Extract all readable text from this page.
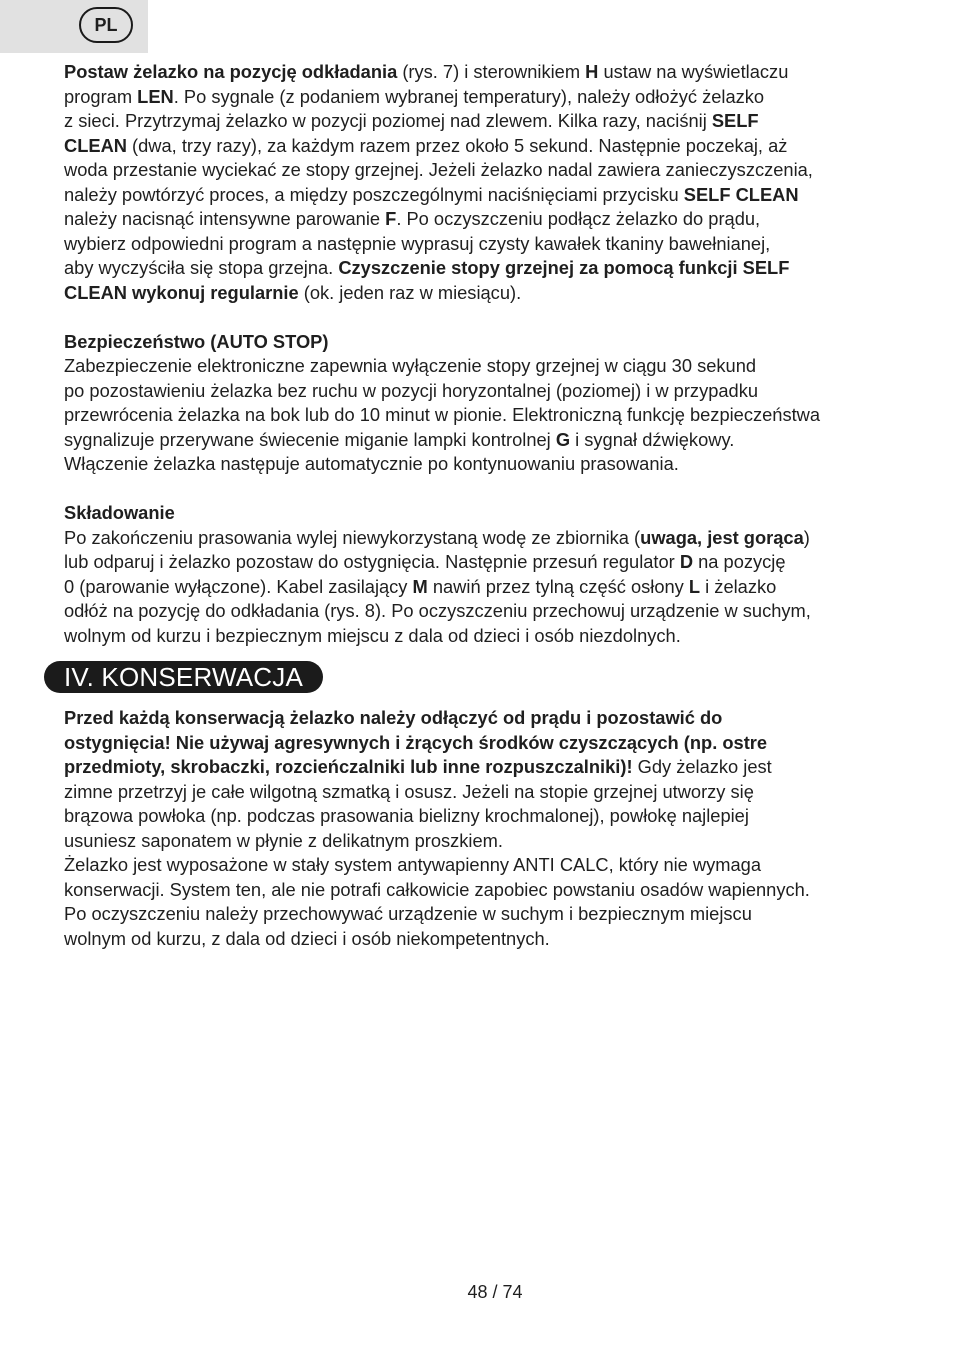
PL

Postaw żelazko na pozycję odkładania (rys. 7) i sterownikiem H ustaw na wyświetlaczu
program LEN. Po sygnale (z podaniem wybranej temperatury), należy odłożyć żelazko
z sieci. Przytrzymaj żelazko w pozycji poziomej nad zlewem. Kilka razy, naciśnij SELF
CLEAN (dwa, trzy razy), za każdym razem przez około 5 sekund. Następnie poczekaj, aż
woda przestanie wyciekać ze stopy grzejnej. Jeżeli żelazko nadal zawiera zanieczyszczenia,
należy powtórzyć proces, a między poszczególnymi naciśnięciami przycisku SELF CLEAN
należy nacisnąć intensywne parowanie F. Po oczyszczeniu podłącz żelazko do prądu,
wybierz odpowiedni program a następnie wyprasuj czysty kawałek tkaniny bawełnianej,
aby wyczyściła się stopa grzejna. Czyszczenie stopy grzejnej za pomocą funkcji SELF
CLEAN wykonuj regularnie (ok. jeden raz w miesiącu).

Bezpieczeństwo (AUTO STOP)

Zabezpieczenie elektroniczne zapewnia wyłączenie stopy grzejnej w ciągu 30 sekund
po pozostawieniu żelazka bez ruchu w pozycji horyzontalnej (poziomej) i w przypadku
przewrócenia żelazka na bok lub do 10 minut w pionie. Elektroniczną funkcję bezpieczeństwa
sygnalizuje przerywane świecenie miganie lampki kontrolnej G i sygnał dźwiękowy.
Włączenie żelazka następuje automatycznie po kontynuowaniu prasowania.

Składowanie

Po zakończeniu prasowania wylej niewykorzystaną wodę ze zbiornika (uwaga, jest gorąca)
lub odparuj i żelazko pozostaw do ostygnięcia. Następnie przesuń regulator D na pozycję
0 (parowanie wyłączone). Kabel zasilający M nawiń przez tylną część osłony L i żelazko
odłóż na pozycję do odkładania (rys. 8). Po oczyszczeniu przechowuj urządzenie w suchym,
wolnym od kurzu i bezpiecznym miejscu z dala od dzieci i osób niezdolnych.

IV. KONSERWACJA

Przed każdą konserwacją żelazko należy odłączyć od prądu i pozostawić do
ostygnięcia! Nie używaj agresywnych i żrących środków czyszczących (np. ostre
przedmioty, skrobaczki, rozcieńczalniki lub inne rozpuszczalniki)! Gdy żelazko jest
zimne przetrzyj je całe wilgotną szmatką i osusz. Jeżeli na stopie grzejnej utworzy się
brązowa powłoka (np. podczas prasowania bielizny krochmalonej), powłokę najlepiej
usuniesz saponatem w płynie z delikatnym proszkiem.

Żelazko jest wyposażone w stały system antywapienny ANTI CALC, który nie wymaga
konserwacji. System ten, ale nie potrafi całkowicie zapobiec powstaniu osadów wapiennych.
Po oczyszczeniu należy przechowywać urządzenie w suchym i bezpiecznym miejscu
wolnym od kurzu, z dala od dzieci i osób niekompetentnych.

48 / 74
